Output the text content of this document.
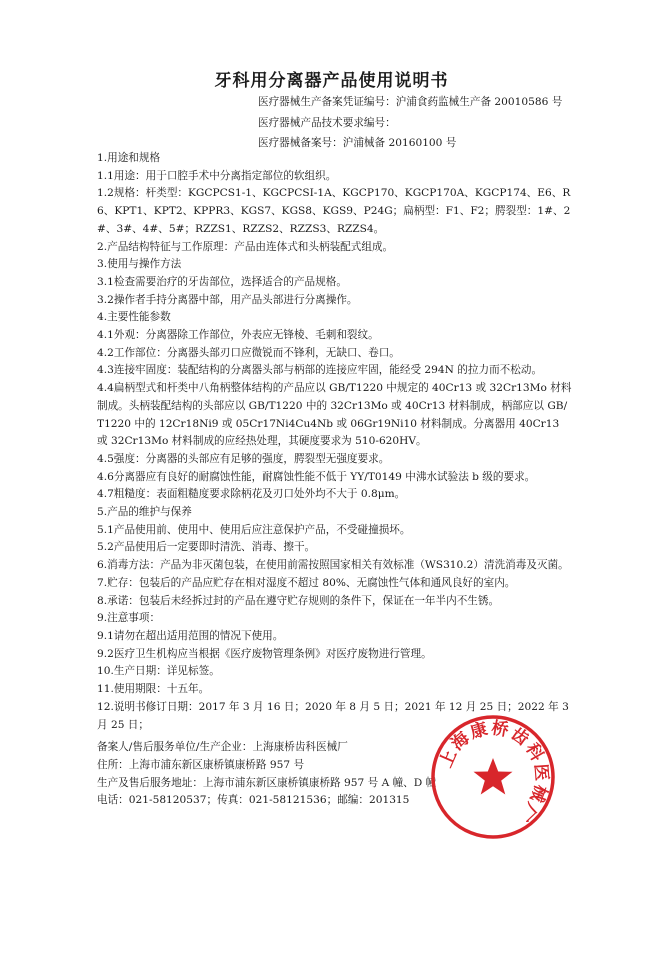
牙科用分离器产品使用说明书
医疗器械生产备案凭证编号：沪浦食药监械生产备 20010586 号
医疗器械产品技术要求编号：
医疗器械备案号：沪浦械备 20160100 号

1.用途和规格

1.1用途：用于口腔手术中分离指定部位的软组织。

1.2规格：杆类型：KGCPCS1-1、KGCPCSI-1A、KGCP170、KGCP170A、KGCP174、E6、R6、KPT1、KPT2、KPPR3、KGS7、KGS8、KGS9、P24G；扁柄型：F1、F2；腭裂型：1#、2#、3#、4#、5#；RZZS1、RZZS2、RZZS3、RZZS4。

2.产品结构特征与工作原理：产品由连体式和头柄装配式组成。

3.使用与操作方法

3.1检查需要治疗的牙齿部位，选择适合的产品规格。

3.2操作者手持分离器中部，用产品头部进行分离操作。

4.主要性能参数

4.1外观：分离器除工作部位，外表应无锋棱、毛刺和裂纹。

4.2工作部位：分离器头部刃口应微锐而不锋利，无缺口、卷口。

4.3连接牢固度：装配结构的分离器头部与柄部的连接应牢固，能经受 294N 的拉力而不松动。

4.4扁柄型式和杆类中八角柄整体结构的产品应以 GB/T1220 中规定的 40Cr13 或 32Cr13Mo 材料制成。头柄装配结构的头部应以 GB/T1220 中的 32Cr13Mo 或 40Cr13 材料制成，柄部应以 GB/T1220 中的 12Cr18Ni9 或 05Cr17Ni4Cu4Nb 或 06Gr19Ni10 材料制成。分离器用 40Cr13 或 32Cr13Mo 材料制成的应经热处理，其硬度要求为 510-620HV。

4.5强度：分离器的头部应有足够的强度，腭裂型无强度要求。

4.6分离器应有良好的耐腐蚀性能，耐腐蚀性能不低于 YY/T0149 中沸水试验法 b 级的要求。

4.7粗糙度：表面粗糙度要求除柄花及刃口处外均不大于 0.8μm。

5.产品的维护与保养

5.1产品使用前、使用中、使用后应注意保护产品，不受碰撞损坏。

5.2产品使用后一定要即时清洗、消毒、擦干。

6.消毒方法：产品为非灭菌包装，在使用前需按照国家相关有效标准（WS310.2）清洗消毒及灭菌。

7.贮存：包装后的产品应贮存在相对湿度不超过 80%、无腐蚀性气体和通风良好的室内。

8.承诺：包装后未经拆过封的产品在遵守贮存规则的条件下，保证在一年半内不生锈。

9.注意事项：

9.1请勿在超出适用范围的情况下使用。

9.2医疗卫生机构应当根据《医疗废物管理条例》对医疗废物进行管理。

10.生产日期：详见标签。

11.使用期限：十五年。

12.说明书修订日期：2017 年 3 月 16 日；2020 年 8 月 5 日；2021 年 12 月 25 日；2022 年 3 月 25 日；

备案人/售后服务单位/生产企业：上海康桥齿科医械厂

住所：上海市浦东新区康桥镇康桥路 957 号

生产及售后服务地址：上海市浦东新区康桥镇康桥路 957 号 A 幢、D 幢

电话：021-58120537；传真：021-58121536；邮编：201315

上海康桥齿科医械厂
